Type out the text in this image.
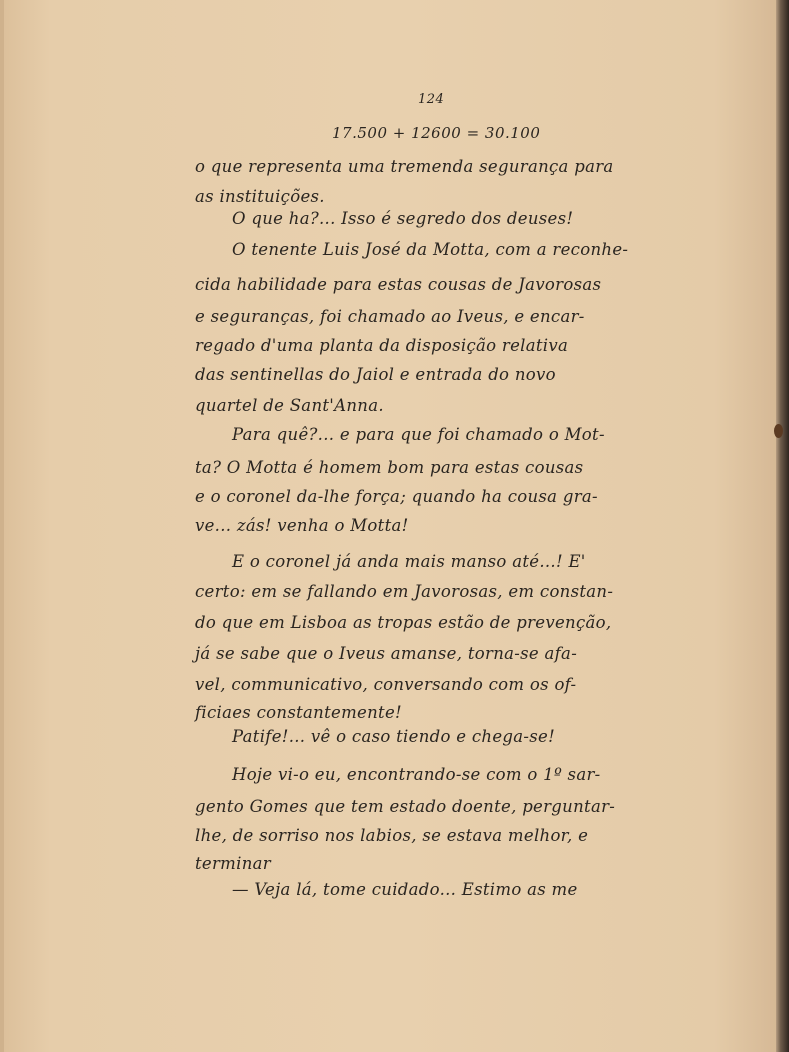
124
17.500 + 12600 = 30.100
o que representa uma tremenda segurança para
as instituições.
O que ha?... Isso é segredo dos deuses!
O tenente Luis José da Motta, com a reconhe-
cida habilidade para estas cousas de Javorosas
e seguranças, foi chamado ao Iveus, e encar-
regado d'uma planta da disposição relativa
das sentinellas do Jaiol e entrada do novo
quartel de Sant'Anna.
Para quê?... e para que foi chamado o Mot-
ta? O Motta é homem bom para estas cousas
e o coronel da-lhe força; quando ha cousa gra-
ve... zás! venha o Motta!
E o coronel já anda mais manso até...! E'
certo: em se fallando em Javorosas, em constan-
do que em Lisboa as tropas estão de prevenção,
já se sabe que o Iveus amanse, torna-se afa-
vel, communicativo, conversando com os of-
ficiaes constantemente!
Patife!... vê o caso tiendo e chega-se!
Hoje vi-o eu, encontrando-se com o 1º sar-
gento Gomes que tem estado doente, perguntar-
lhe, de sorriso nos labios, se estava melhor, e
terminar
— Veja lá, tome cuidado... Estimo as me
